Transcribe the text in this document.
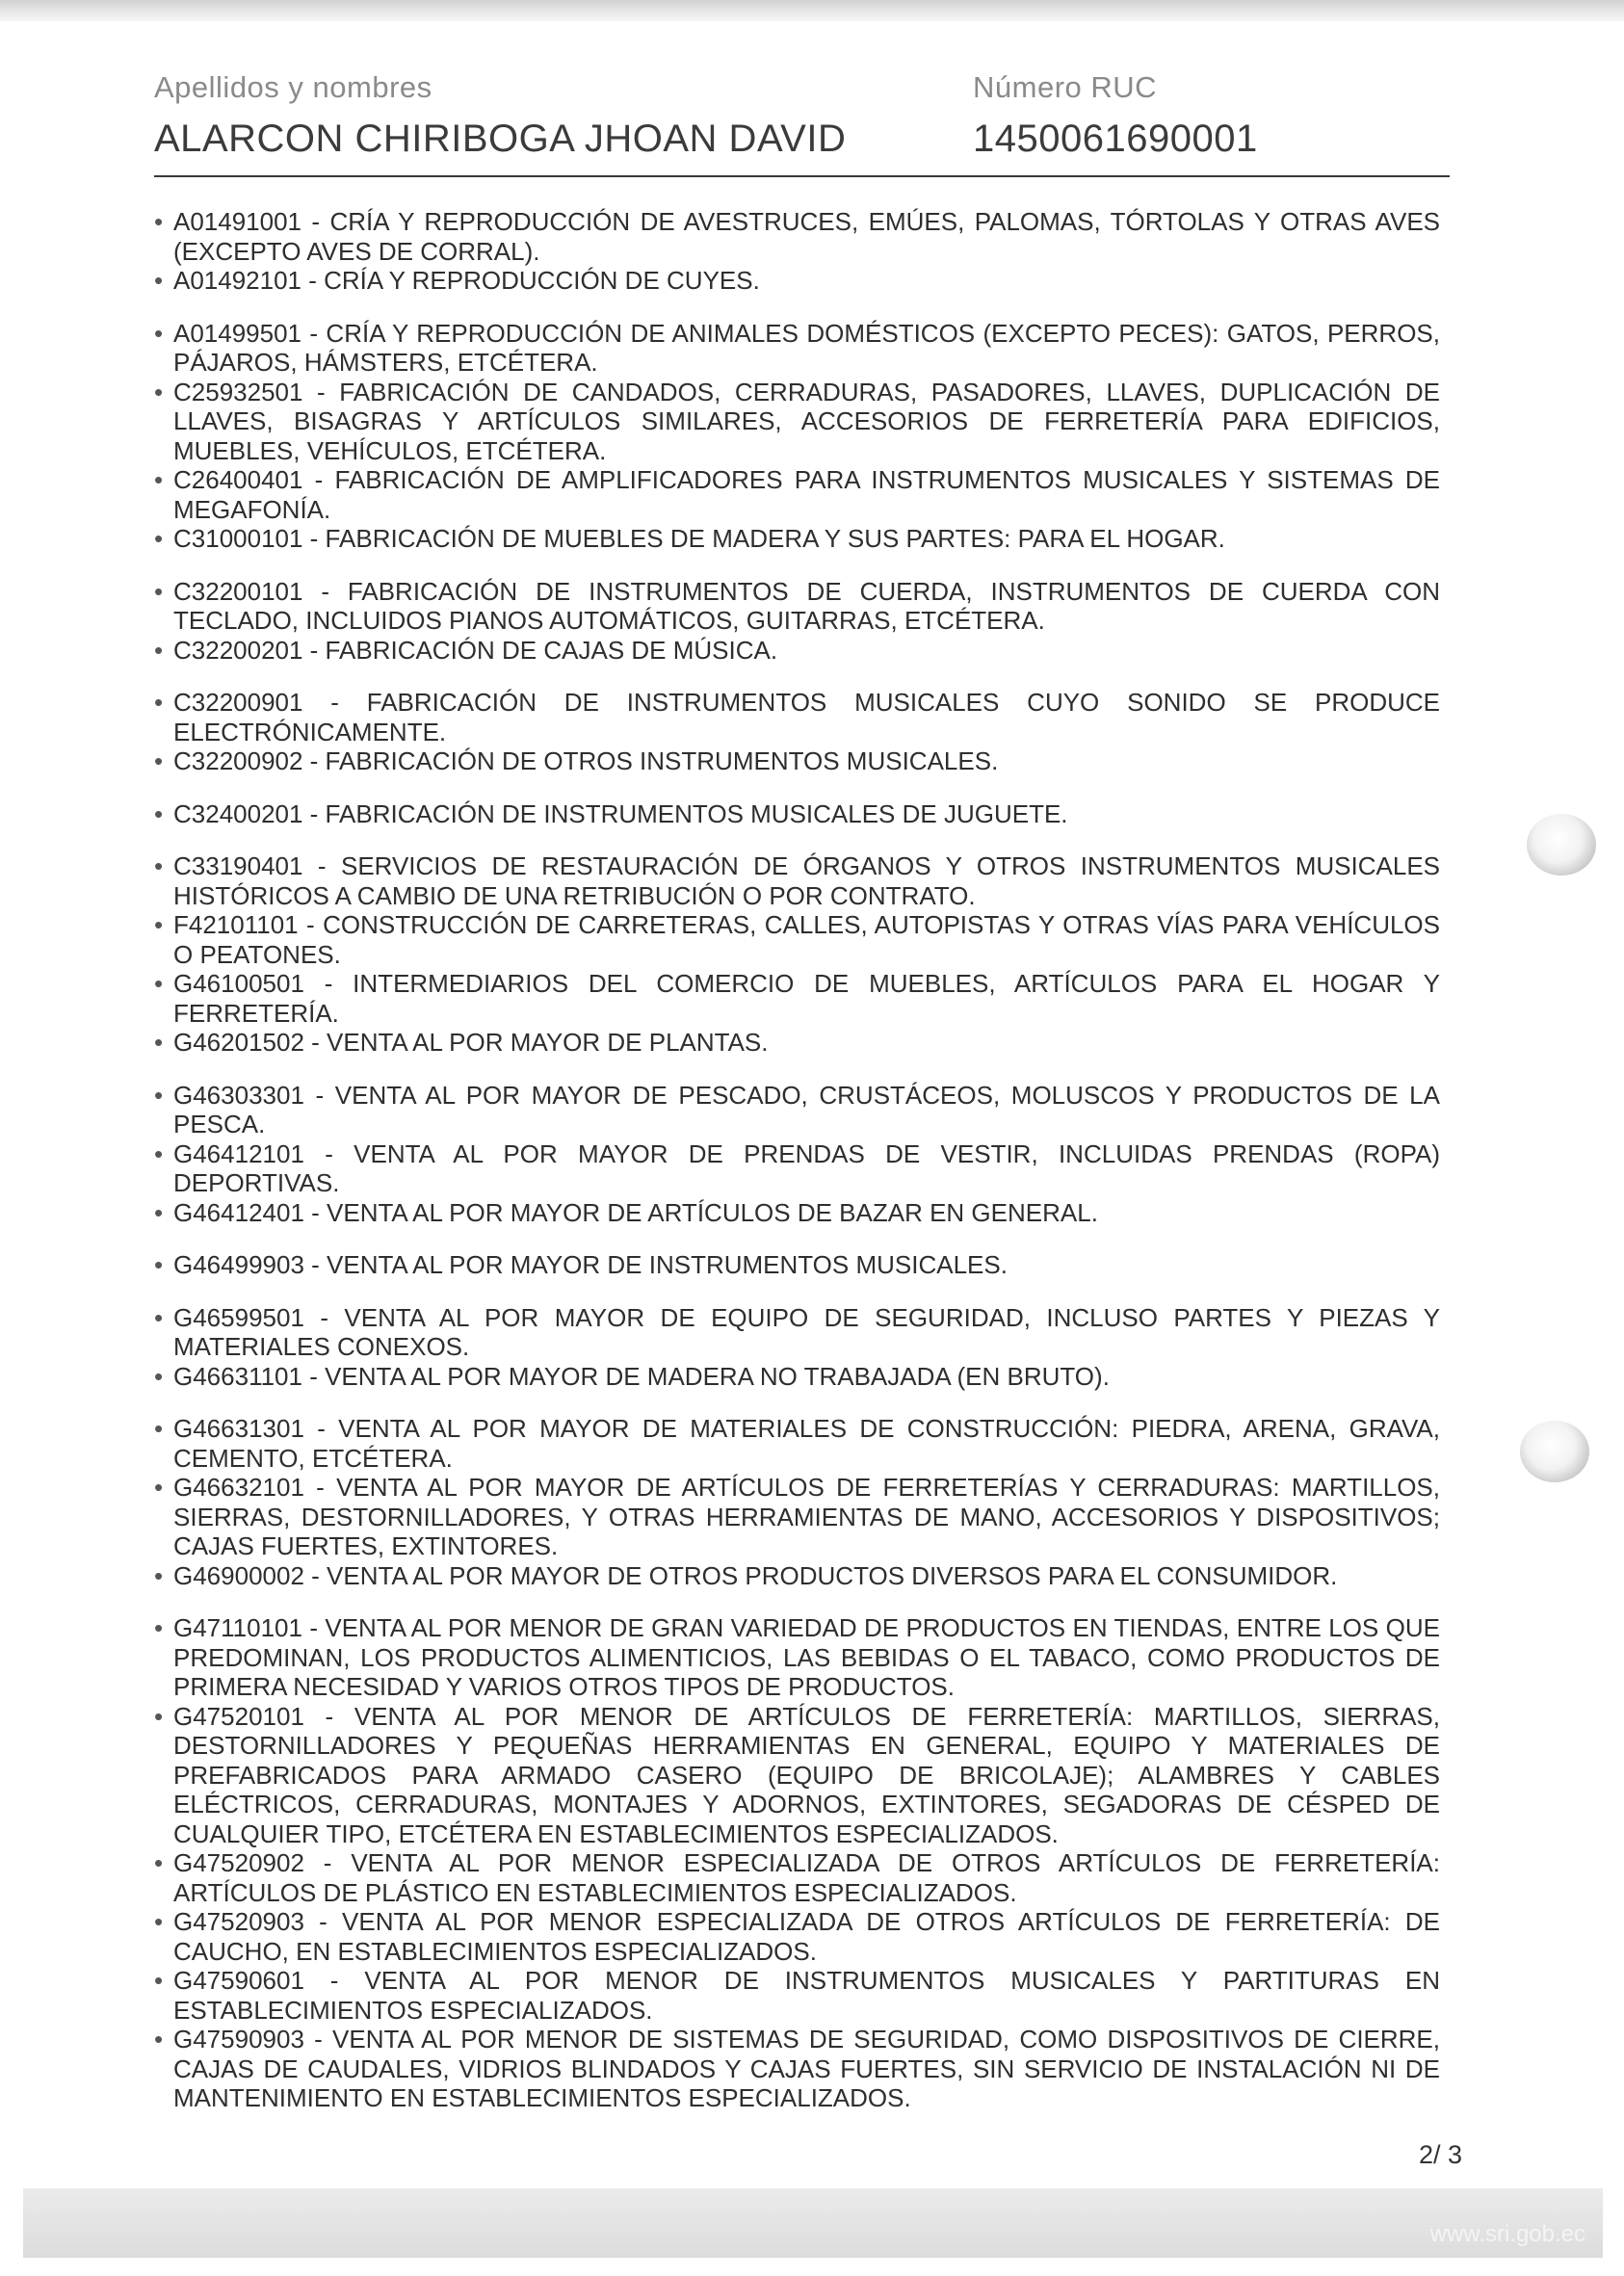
Apellidos y nombres
ALARCON CHIRIBOGA JHOAN DAVID
Número RUC
1450061690001

• A01491001 - CRÍA Y REPRODUCCIÓN DE AVESTRUCES, EMÚES, PALOMAS, TÓRTOLAS Y OTRAS AVES (EXCEPTO AVES DE CORRAL).

• A01492101 - CRÍA Y REPRODUCCIÓN DE CUYES.

• A01499501 - CRÍA Y REPRODUCCIÓN DE ANIMALES DOMÉSTICOS (EXCEPTO PECES): GATOS, PERROS, PÁJAROS, HÁMSTERS, ETCÉTERA.

• C25932501 - FABRICACIÓN DE CANDADOS, CERRADURAS, PASADORES, LLAVES, DUPLICACIÓN DE LLAVES, BISAGRAS Y ARTÍCULOS SIMILARES, ACCESORIOS DE FERRETERÍA PARA EDIFICIOS, MUEBLES, VEHÍCULOS, ETCÉTERA.

• C26400401 - FABRICACIÓN DE AMPLIFICADORES PARA INSTRUMENTOS MUSICALES Y SISTEMAS DE MEGAFONÍA.

• C31000101 - FABRICACIÓN DE MUEBLES DE MADERA Y SUS PARTES: PARA EL HOGAR.

• C32200101 - FABRICACIÓN DE INSTRUMENTOS DE CUERDA, INSTRUMENTOS DE CUERDA CON TECLADO, INCLUIDOS PIANOS AUTOMÁTICOS, GUITARRAS, ETCÉTERA.

• C32200201 - FABRICACIÓN DE CAJAS DE MÚSICA.

• C32200901 - FABRICACIÓN DE INSTRUMENTOS MUSICALES CUYO SONIDO SE PRODUCE ELECTRÓNICAMENTE.

• C32200902 - FABRICACIÓN DE OTROS INSTRUMENTOS MUSICALES.

• C32400201 - FABRICACIÓN DE INSTRUMENTOS MUSICALES DE JUGUETE.

• C33190401 - SERVICIOS DE RESTAURACIÓN DE ÓRGANOS Y OTROS INSTRUMENTOS MUSICALES HISTÓRICOS A CAMBIO DE UNA RETRIBUCIÓN O POR CONTRATO.

• F42101101 - CONSTRUCCIÓN DE CARRETERAS, CALLES, AUTOPISTAS Y OTRAS VÍAS PARA VEHÍCULOS O PEATONES.

• G46100501 - INTERMEDIARIOS DEL COMERCIO DE MUEBLES, ARTÍCULOS PARA EL HOGAR Y FERRETERÍA.

• G46201502 - VENTA AL POR MAYOR DE PLANTAS.

• G46303301 - VENTA AL POR MAYOR DE PESCADO, CRUSTÁCEOS, MOLUSCOS Y PRODUCTOS DE LA PESCA.

• G46412101 - VENTA AL POR MAYOR DE PRENDAS DE VESTIR, INCLUIDAS PRENDAS (ROPA) DEPORTIVAS.

• G46412401 - VENTA AL POR MAYOR DE ARTÍCULOS DE BAZAR EN GENERAL.

• G46499903 - VENTA AL POR MAYOR DE INSTRUMENTOS MUSICALES.

• G46599501 - VENTA AL POR MAYOR DE EQUIPO DE SEGURIDAD, INCLUSO PARTES Y PIEZAS Y MATERIALES CONEXOS.

• G46631101 - VENTA AL POR MAYOR DE MADERA NO TRABAJADA (EN BRUTO).

• G46631301 - VENTA AL POR MAYOR DE MATERIALES DE CONSTRUCCIÓN: PIEDRA, ARENA, GRAVA, CEMENTO, ETCÉTERA.

• G46632101 - VENTA AL POR MAYOR DE ARTÍCULOS DE FERRETERÍAS Y CERRADURAS: MARTILLOS, SIERRAS, DESTORNILLADORES, Y OTRAS HERRAMIENTAS DE MANO, ACCESORIOS Y DISPOSITIVOS; CAJAS FUERTES, EXTINTORES.

• G46900002 - VENTA AL POR MAYOR DE OTROS PRODUCTOS DIVERSOS PARA EL CONSUMIDOR.

• G47110101 - VENTA AL POR MENOR DE GRAN VARIEDAD DE PRODUCTOS EN TIENDAS, ENTRE LOS QUE PREDOMINAN, LOS PRODUCTOS ALIMENTICIOS, LAS BEBIDAS O EL TABACO, COMO PRODUCTOS DE PRIMERA NECESIDAD Y VARIOS OTROS TIPOS DE PRODUCTOS.

• G47520101 - VENTA AL POR MENOR DE ARTÍCULOS DE FERRETERÍA: MARTILLOS, SIERRAS, DESTORNILLADORES Y PEQUEÑAS HERRAMIENTAS EN GENERAL, EQUIPO Y MATERIALES DE PREFABRICADOS PARA ARMADO CASERO (EQUIPO DE BRICOLAJE); ALAMBRES Y CABLES ELÉCTRICOS, CERRADURAS, MONTAJES Y ADORNOS, EXTINTORES, SEGADORAS DE CÉSPED DE CUALQUIER TIPO, ETCÉTERA EN ESTABLECIMIENTOS ESPECIALIZADOS.

• G47520902 - VENTA AL POR MENOR ESPECIALIZADA DE OTROS ARTÍCULOS DE FERRETERÍA: ARTÍCULOS DE PLÁSTICO EN ESTABLECIMIENTOS ESPECIALIZADOS.

• G47520903 - VENTA AL POR MENOR ESPECIALIZADA DE OTROS ARTÍCULOS DE FERRETERÍA: DE CAUCHO, EN ESTABLECIMIENTOS ESPECIALIZADOS.

• G47590601 - VENTA AL POR MENOR DE INSTRUMENTOS MUSICALES Y PARTITURAS EN ESTABLECIMIENTOS ESPECIALIZADOS.

• G47590903 - VENTA AL POR MENOR DE SISTEMAS DE SEGURIDAD, COMO DISPOSITIVOS DE CIERRE, CAJAS DE CAUDALES, VIDRIOS BLINDADOS Y CAJAS FUERTES, SIN SERVICIO DE INSTALACIÓN NI DE MANTENIMIENTO EN ESTABLECIMIENTOS ESPECIALIZADOS.

2/ 3
www.sri.gob.ec
